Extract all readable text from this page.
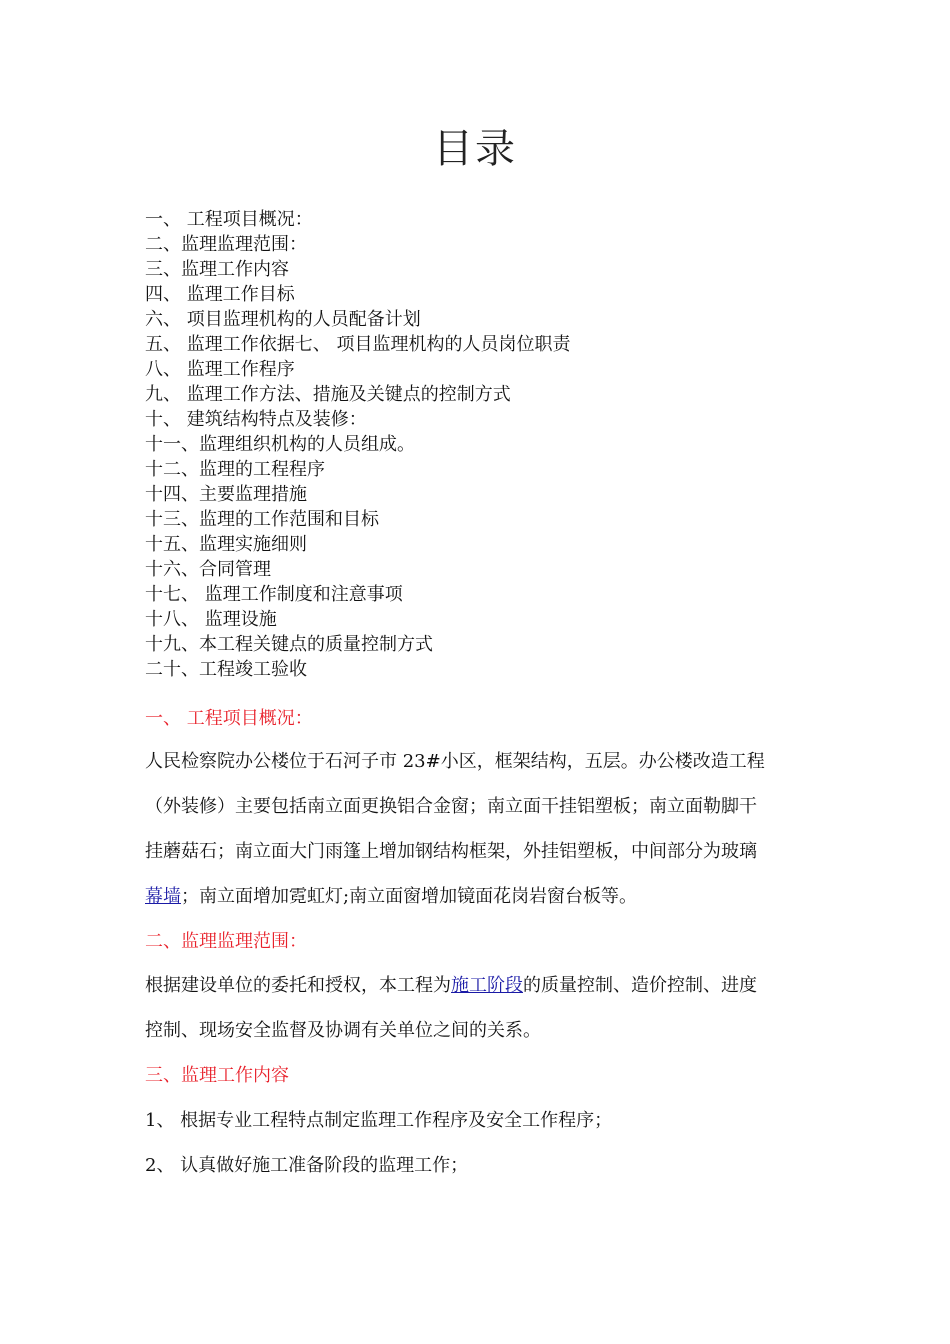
目录
一、 工程项目概况：
二、监理监理范围：
三、监理工作内容
四、 监理工作目标
六、 项目监理机构的人员配备计划
五、 监理工作依据七、 项目监理机构的人员岗位职责
八、 监理工作程序
九、 监理工作方法、措施及关键点的控制方式
十、 建筑结构特点及装修：
十一、监理组织机构的人员组成。
十二、监理的工程程序
十四、主要监理措施
十三、监理的工作范围和目标
十五、监理实施细则
十六、合同管理
十七、 监理工作制度和注意事项
十八、 监理设施
十九、本工程关键点的质量控制方式
二十、工程竣工验收
一、 工程项目概况：
人民检察院办公楼位于石河子市 23#小区，框架结构，五层。办公楼改造工程
（外装修）主要包括南立面更换铝合金窗；南立面干挂铝塑板；南立面勒脚干
挂蘑菇石；南立面大门雨篷上增加钢结构框架，外挂铝塑板，中间部分为玻璃
幕墙；南立面增加霓虹灯;南立面窗增加镜面花岗岩窗台板等。
二、监理监理范围：
根据建设单位的委托和授权，本工程为施工阶段的质量控制、造价控制、进度
控制、现场安全监督及协调有关单位之间的关系。
三、监理工作内容
1、 根据专业工程特点制定监理工作程序及安全工作程序；
2、 认真做好施工准备阶段的监理工作；
